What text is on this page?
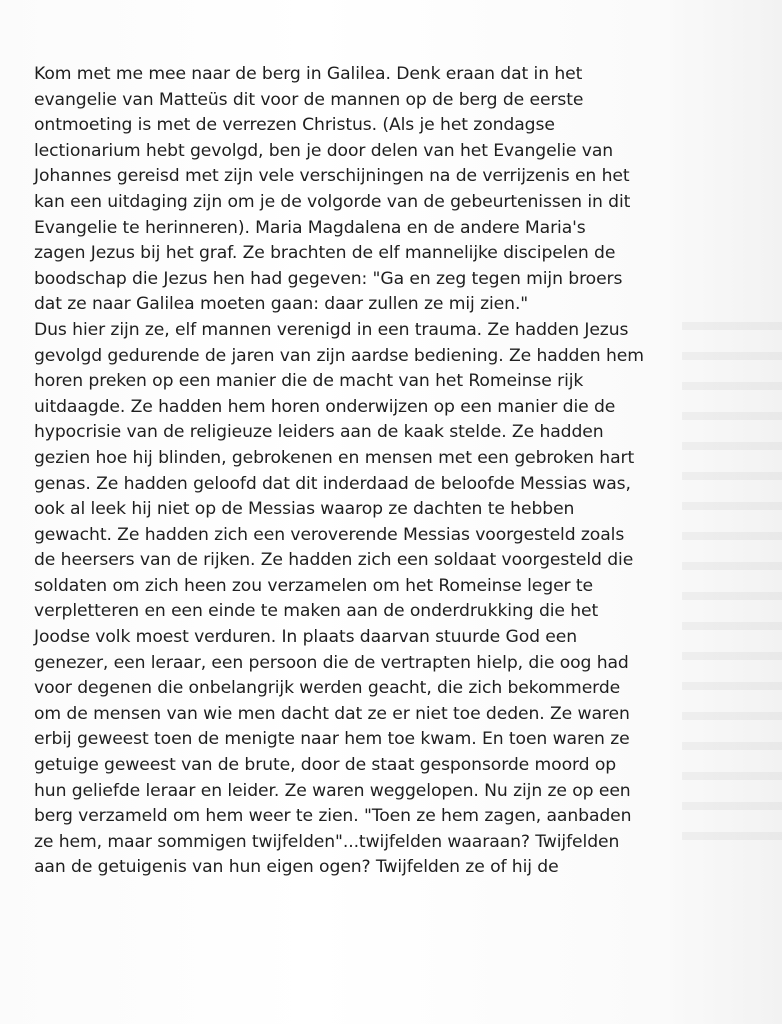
Kom met me mee naar de berg in Galilea. Denk eraan dat in het
evangelie van Matteüs dit voor de mannen op de berg de eerste
ontmoeting is met de verrezen Christus. (Als je het zondagse
lectionarium hebt gevolgd, ben je door delen van het Evangelie van
Johannes gereisd met zijn vele verschijningen na de verrijzenis en het
kan een uitdaging zijn om je de volgorde van de gebeurtenissen in dit
Evangelie te herinneren). Maria Magdalena en de andere Maria's
zagen Jezus bij het graf. Ze brachten de elf mannelijke discipelen de
boodschap die Jezus hen had gegeven: "Ga en zeg tegen mijn broers
dat ze naar Galilea moeten gaan: daar zullen ze mij zien."
Dus hier zijn ze, elf mannen verenigd in een trauma. Ze hadden Jezus
gevolgd gedurende de jaren van zijn aardse bediening. Ze hadden hem
horen preken op een manier die de macht van het Romeinse rijk
uitdaagde. Ze hadden hem horen onderwijzen op een manier die de
hypocrisie van de religieuze leiders aan de kaak stelde. Ze hadden
gezien hoe hij blinden, gebrokenen en mensen met een gebroken hart
genas. Ze hadden geloofd dat dit inderdaad de beloofde Messias was,
ook al leek hij niet op de Messias waarop ze dachten te hebben
gewacht. Ze hadden zich een veroverende Messias voorgesteld zoals
de heersers van de rijken. Ze hadden zich een soldaat voorgesteld die
soldaten om zich heen zou verzamelen om het Romeinse leger te
verpletteren en een einde te maken aan de onderdrukking die het
Joodse volk moest verduren. In plaats daarvan stuurde God een
genezer, een leraar, een persoon die de vertrapten hielp, die oog had
voor degenen die onbelangrijk werden geacht, die zich bekommerde
om de mensen van wie men dacht dat ze er niet toe deden. Ze waren
erbij geweest toen de menigte naar hem toe kwam. En toen waren ze
getuige geweest van de brute, door de staat gesponsorde moord op
hun geliefde leraar en leider. Ze waren weggelopen. Nu zijn ze op een
berg verzameld om hem weer te zien. "Toen ze hem zagen, aanbaden
ze hem, maar sommigen twijfelden"...twijfelden waaraan? Twijfelden
aan de getuigenis van hun eigen ogen? Twijfelden ze of hij de
